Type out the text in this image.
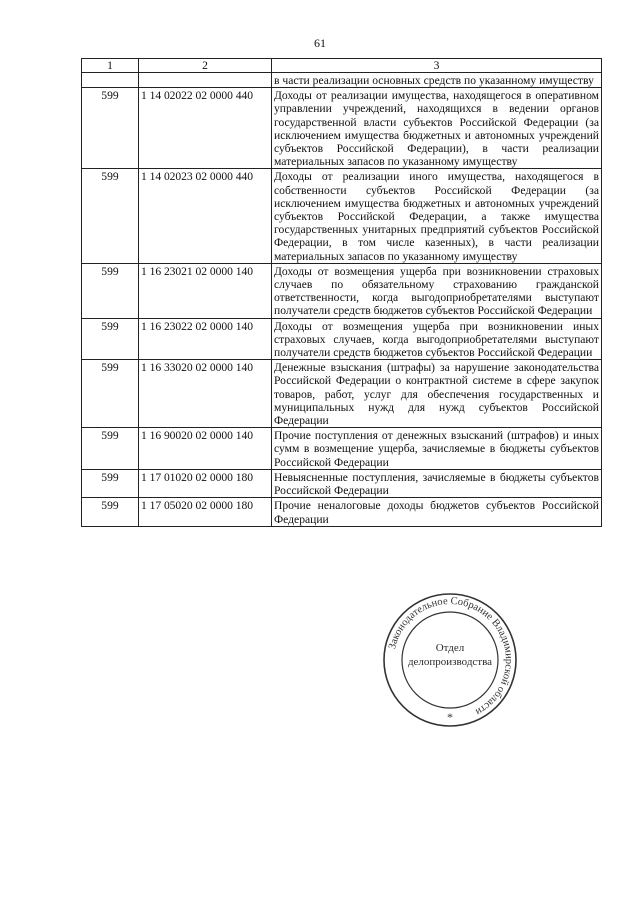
61
1	2	3
		в части реализации основных средств по указанному имуществу
599	1 14 02022 02 0000 440	Доходы от реализации имущества, находящегося в оперативном управлении учреждений, находящихся в ведении органов государственной власти субъектов Российской Федерации (за исключением имущества бюджетных и автономных учреждений субъектов Российской Федерации), в части реализации материальных запасов по указанному имуществу
599	1 14 02023 02 0000 440	Доходы от реализации иного имущества, находящегося в собственности субъектов Российской Федерации (за исключением имущества бюджетных и автономных учреждений субъектов Российской Федерации, а также имущества государственных унитарных предприятий субъектов Российской Федерации, в том числе казенных), в части реализации материальных запасов по указанному имуществу
599	1 16 23021 02 0000 140	Доходы от возмещения ущерба при возникновении страховых случаев по обязательному страхованию гражданской ответственности, когда выгодоприобретателями выступают получатели средств бюджетов субъектов Российской Федерации
599	1 16 23022 02 0000 140	Доходы от возмещения ущерба при возникновении иных страховых случаев, когда выгодоприобретателями выступают получатели средств бюджетов субъектов Российской Федерации
599	1 16 33020 02 0000 140	Денежные взыскания (штрафы) за нарушение законодательства Российской Федерации о контрактной системе в сфере закупок товаров, работ, услуг для обеспечения государственных и муниципальных нужд для нужд субъектов Российской Федерации
599	1 16 90020 02 0000 140	Прочие поступления от денежных взысканий (штрафов) и иных сумм в возмещение ущерба, зачисляемые в бюджеты субъектов Российской Федерации
599	1 17 01020 02 0000 180	Невыясненные поступления, зачисляемые в бюджеты субъектов Российской Федерации
599	1 17 05020 02 0000 180	Прочие неналоговые доходы бюджетов субъектов Российской Федерации
Законодательное Собрание Владимирской области
*
Отдел
делопроизводства
